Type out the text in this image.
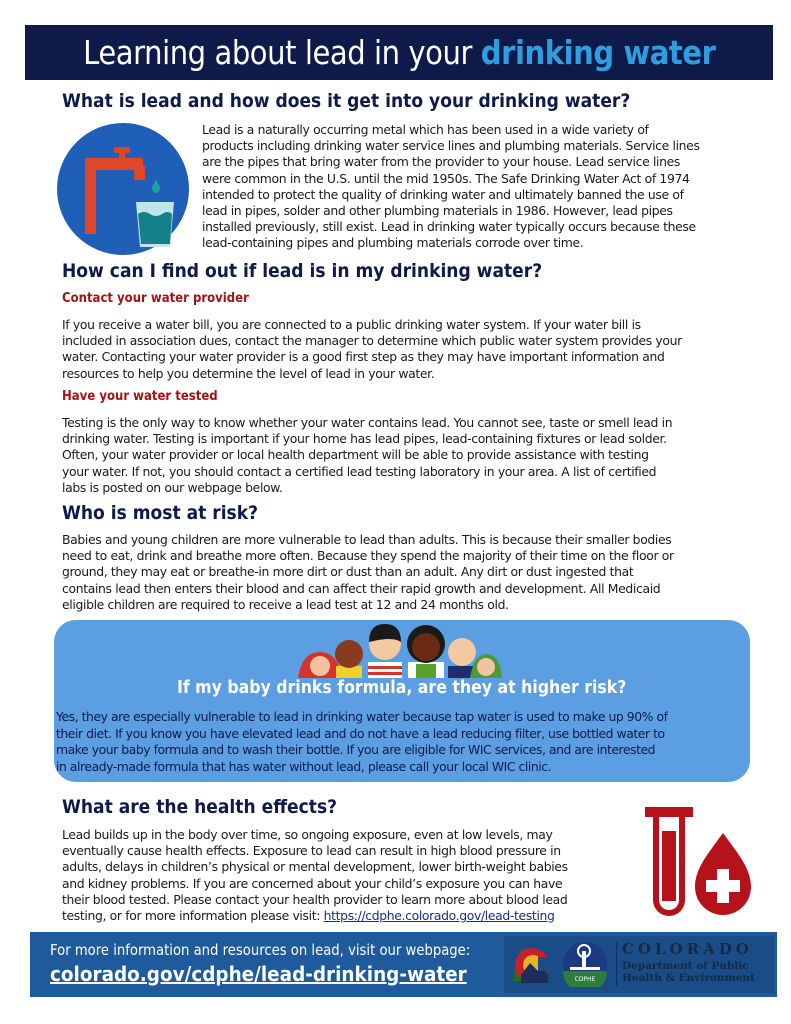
Learning about lead in your drinking water
What is lead and how does it get into your drinking water?

Lead is a naturally occurring metal which has been used in a wide variety of
products including drinking water service lines and plumbing materials. Service lines
are the pipes that bring water from the provider to your house. Lead service lines
were common in the U.S. until the mid 1950s. The Safe Drinking Water Act of 1974
intended to protect the quality of drinking water and ultimately banned the use of
lead in pipes, solder and other plumbing materials in 1986. However, lead pipes
installed previously, still exist. Lead in drinking water typically occurs because these
lead-containing pipes and plumbing materials corrode over time.

How can I find out if lead is in my drinking water?
Contact your water provider

If you receive a water bill, you are connected to a public drinking water system. If your water bill is
included in association dues, contact the manager to determine which public water system provides your
water. Contacting your water provider is a good first step as they may have important information and
resources to help you determine the level of lead in your water.

Have your water tested

Testing is the only way to know whether your water contains lead. You cannot see, taste or smell lead in
drinking water. Testing is important if your home has lead pipes, lead-containing fixtures or lead solder.
Often, your water provider or local health department will be able to provide assistance with testing
your water. If not, you should contact a certified lead testing laboratory in your area. A list of certified
labs is posted on our webpage below.

Who is most at risk?

Babies and young children are more vulnerable to lead than adults. This is because their smaller bodies
need to eat, drink and breathe more often. Because they spend the majority of their time on the floor or
ground, they may eat or breathe-in more dirt or dust than an adult. Any dirt or dust ingested that
contains lead then enters their blood and can affect their rapid growth and development. All Medicaid
eligible children are required to receive a lead test at 12 and 24 months old.

If my baby drinks formula, are they at higher risk?

Yes, they are especially vulnerable to lead in drinking water because tap water is used to make up 90% of
their diet. If you know you have elevated lead and do not have a lead reducing filter, use bottled water to
make your baby formula and to wash their bottle. If you are eligible for WIC services, and are interested
in already-made formula that has water without lead, please call your local WIC clinic.

What are the health effects?

Lead builds up in the body over time, so ongoing exposure, even at low levels, may
eventually cause health effects. Exposure to lead can result in high blood pressure in
adults, delays in children’s physical or mental development, lower birth-weight babies
and kidney problems. If you are concerned about your child’s exposure you can have
their blood tested. Please contact your health provider to learn more about blood lead
testing, or for more information please visit: https://cdphe.colorado.gov/lead-testing

For more information and resources on lead, visit our webpage:
colorado.gov/cdphe/lead-drinking-water	CDPHE
COLORADO
Department of Public
Health & Environment
